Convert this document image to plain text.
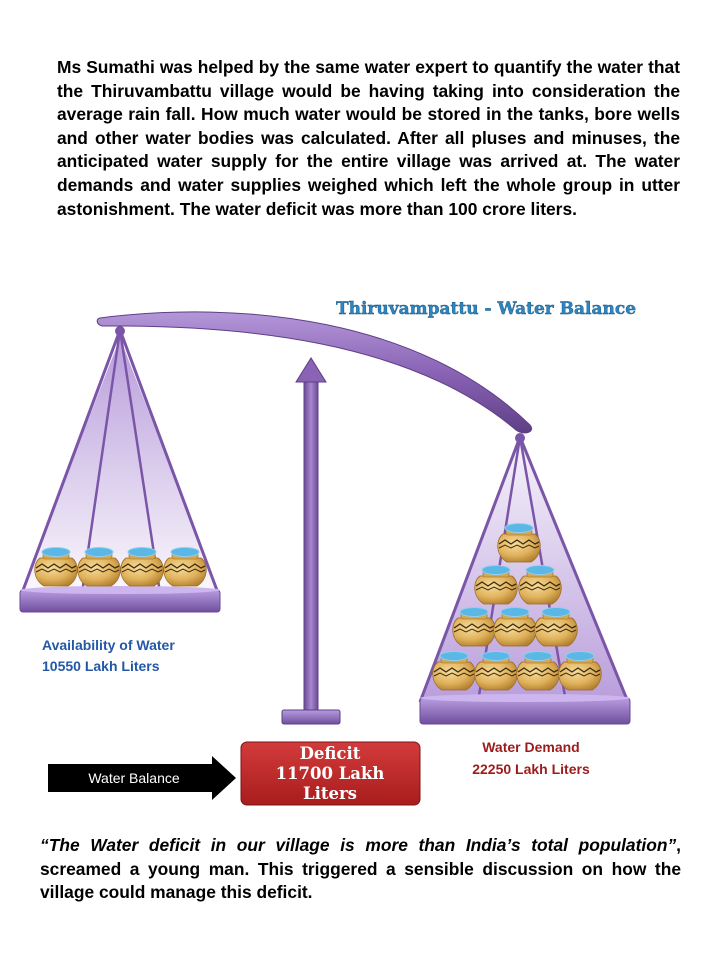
Ms Sumathi was helped by the same water expert to quantify the water that the Thiruvambattu village would be having taking into consideration the average rain fall. How much water would be stored in the tanks, bore wells and other water bodies was calculated. After all pluses and minuses, the anticipated water supply for the entire village was arrived at. The water demands and water supplies weighed which left the whole group in utter astonishment. The water deficit was more than 100 crore liters.

Thiruvampattu - Water Balance
Availability of Water
10550 Lakh Liters
Water Demand
22250 Lakh Liters
Water Balance
Deficit
11700 Lakh
Liters

“The Water deficit in our village is more than India’s total population”, screamed a young man. This triggered a sensible discussion on how the village could manage this deficit.
